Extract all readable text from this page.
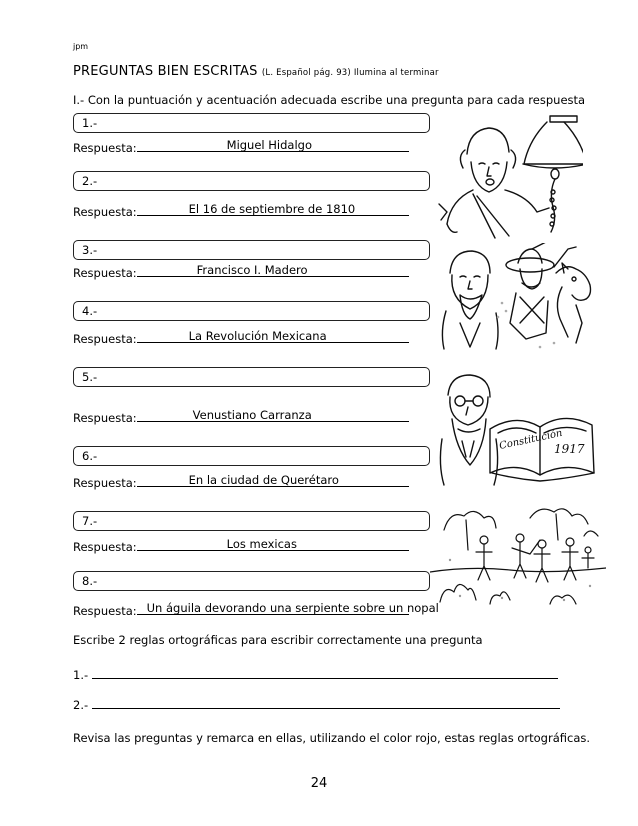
jpm
PREGUNTAS BIEN ESCRITAS (L. Español pág. 93) Ilumina al terminar
I.- Con la puntuación y acentuación adecuada escribe una pregunta para cada respuesta
1.-
Respuesta:	Miguel Hidalgo
2.-
Respuesta:	El 16 de septiembre de 1810
3.-
Respuesta:	Francisco I. Madero
4.-
Respuesta:	La Revolución Mexicana
5.-
Respuesta:	Venustiano Carranza
6.-
Respuesta:	En la ciudad de Querétaro
7.-
Respuesta:	Los mexicas
8.-
Respuesta: Un águila devorando una serpiente sobre un nopal
Escribe 2 reglas ortográficas para escribir correctamente una pregunta
1.-
2.-
Revisa las preguntas y remarca en ellas, utilizando el color rojo, estas reglas ortográficas.
24
Constitución
1917
